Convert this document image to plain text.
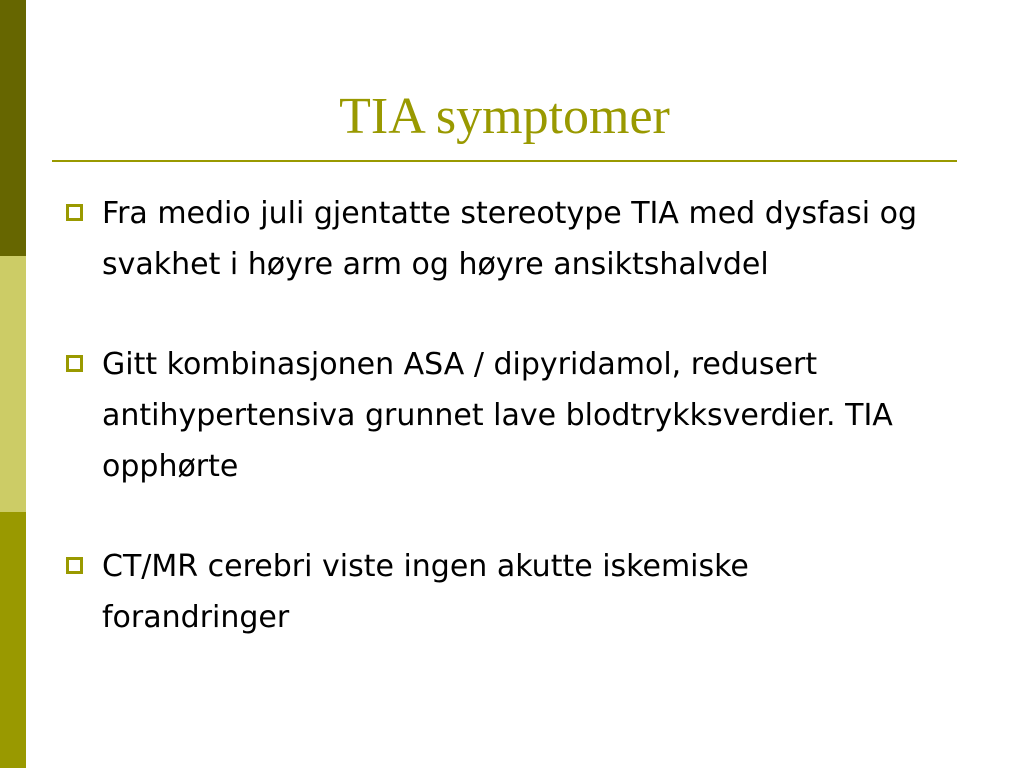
TIA symptomer
Fra medio juli gjentatte stereotype TIA med dysfasi og svakhet i høyre arm og høyre ansiktshalvdel
Gitt kombinasjonen ASA / dipyridamol, redusert antihypertensiva grunnet lave blodtrykksverdier. TIA opphørte
CT/MR cerebri viste ingen akutte iskemiske forandringer
